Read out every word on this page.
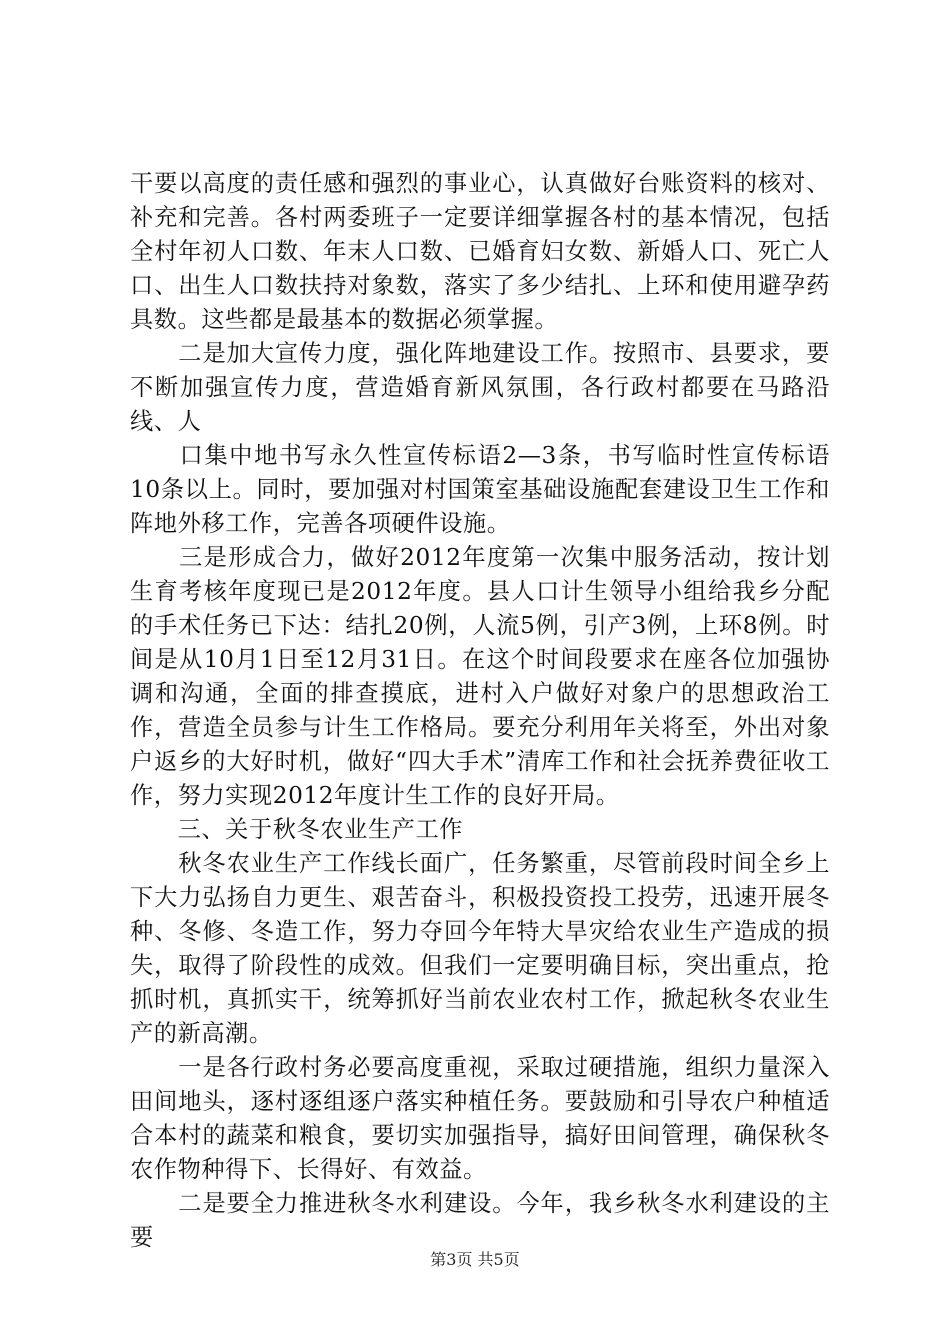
干要以高度的责任感和强烈的事业心，认真做好台账资料的核对、补充和完善。各村两委班子一定要详细掌握各村的基本情况，包括全村年初人口数、年末人口数、已婚育妇女数、新婚人口、死亡人口、出生人口数扶持对象数，落实了多少结扎、上环和使用避孕药具数。这些都是最基本的数据必须掌握。

　　二是加大宣传力度，强化阵地建设工作。按照市、县要求，要不断加强宣传力度，营造婚育新风氛围，各行政村都要在马路沿线、人

　　口集中地书写永久性宣传标语2—3条，书写临时性宣传标语10条以上。同时，要加强对村国策室基础设施配套建设卫生工作和阵地外移工作，完善各项硬件设施。

　　三是形成合力，做好2012年度第一次集中服务活动，按计划生育考核年度现已是2012年度。县人口计生领导小组给我乡分配的手术任务已下达：结扎20例，人流5例，引产3例，上环8例。时间是从10月1日至12月31日。在这个时间段要求在座各位加强协调和沟通，全面的排查摸底，进村入户做好对象户的思想政治工作，营造全员参与计生工作格局。要充分利用年关将至，外出对象户返乡的大好时机，做好“四大手术”清库工作和社会抚养费征收工作，努力实现2012年度计生工作的良好开局。

　　三、关于秋冬农业生产工作

　　秋冬农业生产工作线长面广，任务繁重，尽管前段时间全乡上下大力弘扬自力更生、艰苦奋斗，积极投资投工投劳，迅速开展冬种、冬修、冬造工作，努力夺回今年特大旱灾给农业生产造成的损失，取得了阶段性的成效。但我们一定要明确目标，突出重点，抢抓时机，真抓实干，统筹抓好当前农业农村工作，掀起秋冬农业生产的新高潮。

　　一是各行政村务必要高度重视，采取过硬措施，组织力量深入田间地头，逐村逐组逐户落实种植任务。要鼓励和引导农户种植适合本村的蔬菜和粮食，要切实加强指导，搞好田间管理，确保秋冬农作物种得下、长得好、有效益。

　　二是要全力推进秋冬水利建设。今年，我乡秋冬水利建设的主要

第3页 共5页
